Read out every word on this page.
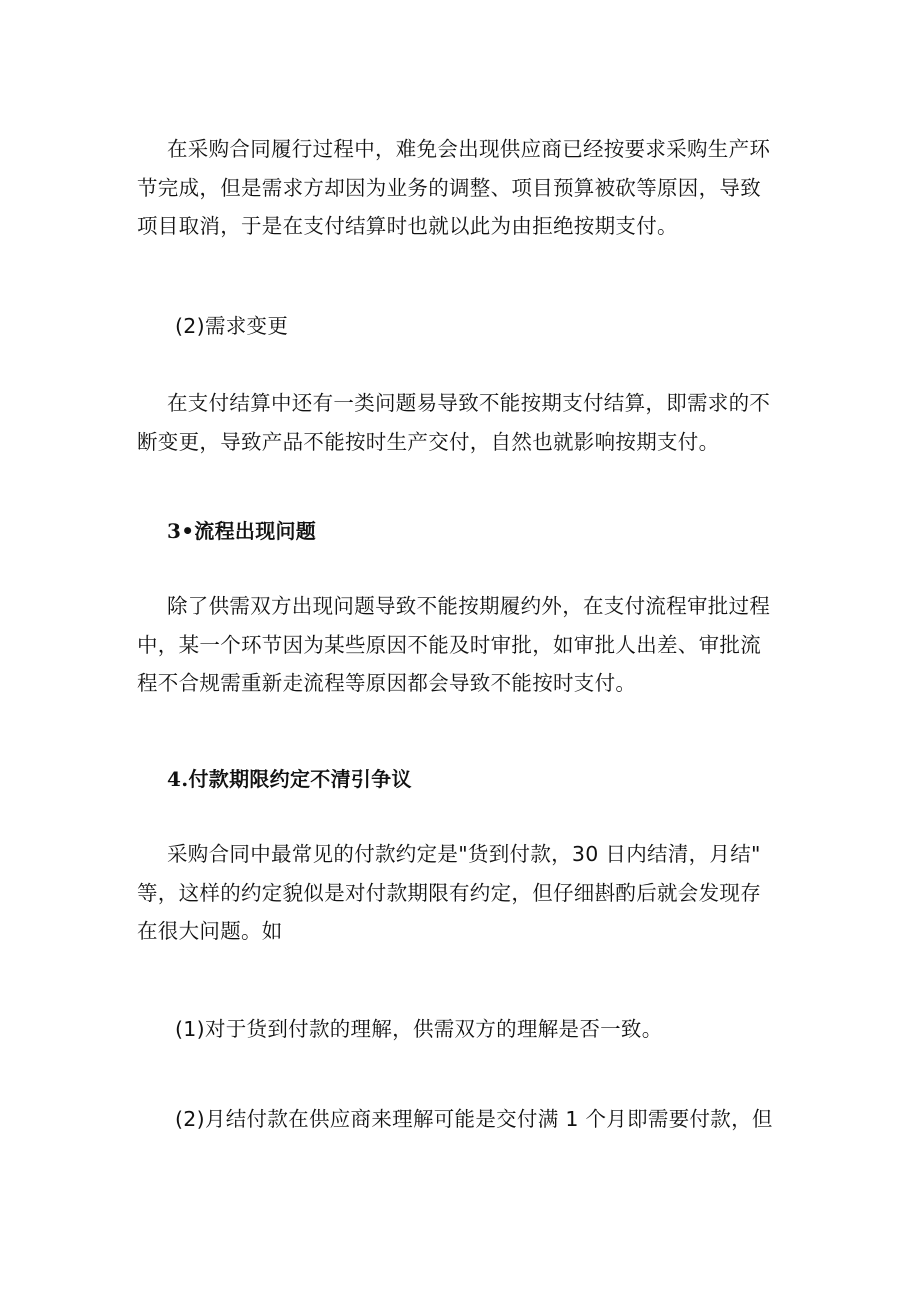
在采购合同履行过程中，难免会出现供应商已经按要求采购生产环
节完成，但是需求方却因为业务的调整、项目预算被砍等原因，导致
项目取消，于是在支付结算时也就以此为由拒绝按期支付。
(2)需求变更
在支付结算中还有一类问题易导致不能按期支付结算，即需求的不
断变更，导致产品不能按时生产交付，自然也就影响按期支付。
3•流程出现问题
除了供需双方出现问题导致不能按期履约外，在支付流程审批过程
中，某一个环节因为某些原因不能及时审批，如审批人出差、审批流
程不合规需重新走流程等原因都会导致不能按时支付。
4.付款期限约定不清引争议
采购合同中最常见的付款约定是"货到付款，30 日内结清，月结"
等，这样的约定貌似是对付款期限有约定，但仔细斟酌后就会发现存
在很大问题。如
(1)对于货到付款的理解，供需双方的理解是否一致。
(2)月结付款在供应商来理解可能是交付满 1 个月即需要付款，但
